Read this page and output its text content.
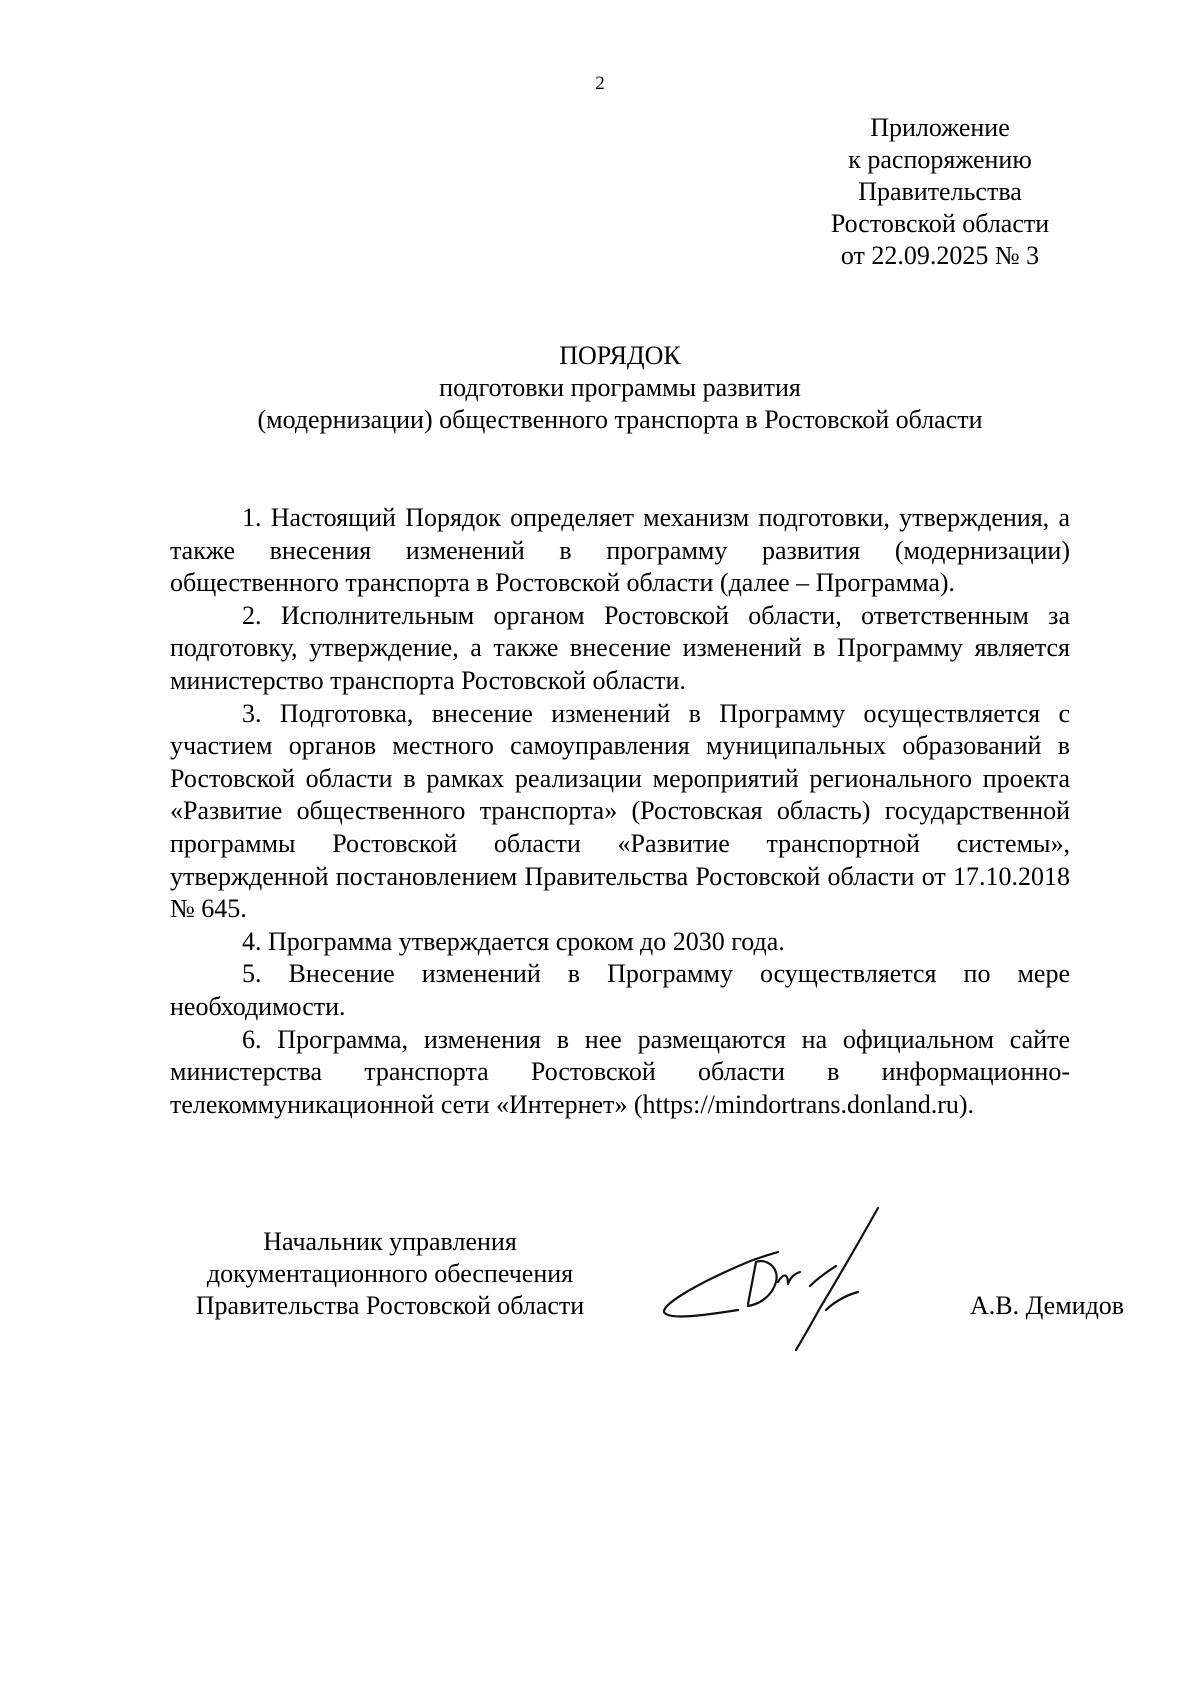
2
Приложение
к распоряжению
Правительства
Ростовской области
от 22.09.2025 № 3
ПОРЯДОК
подготовки программы развития
(модернизации) общественного транспорта в Ростовской области

1. Настоящий Порядок определяет механизм подготовки, утверждения, а также внесения изменений в программу развития (модернизации) общественного транспорта в Ростовской области (далее – Программа).

2. Исполнительным органом Ростовской области, ответственным за подготовку, утверждение, а также внесение изменений в Программу является министерство транспорта Ростовской области.

3. Подготовка, внесение изменений в Программу осуществляется с участием органов местного самоуправления муниципальных образований в Ростовской области в рамках реализации мероприятий регионального проекта «Развитие общественного транспорта» (Ростовская область) государственной программы Ростовской области «Развитие транспортной системы», утвержденной постановлением Правительства Ростовской области от 17.10.2018 № 645.

4. Программа утверждается сроком до 2030 года.

5. Внесение изменений в Программу осуществляется по мере необходимости.

6. Программа, изменения в нее размещаются на официальном сайте министерства транспорта Ростовской области в информационно-телекоммуникационной сети «Интернет» (https://mindortrans.donland.ru).

Начальник управления
документационного обеспечения
Правительства Ростовской области	А.В. Демидов
